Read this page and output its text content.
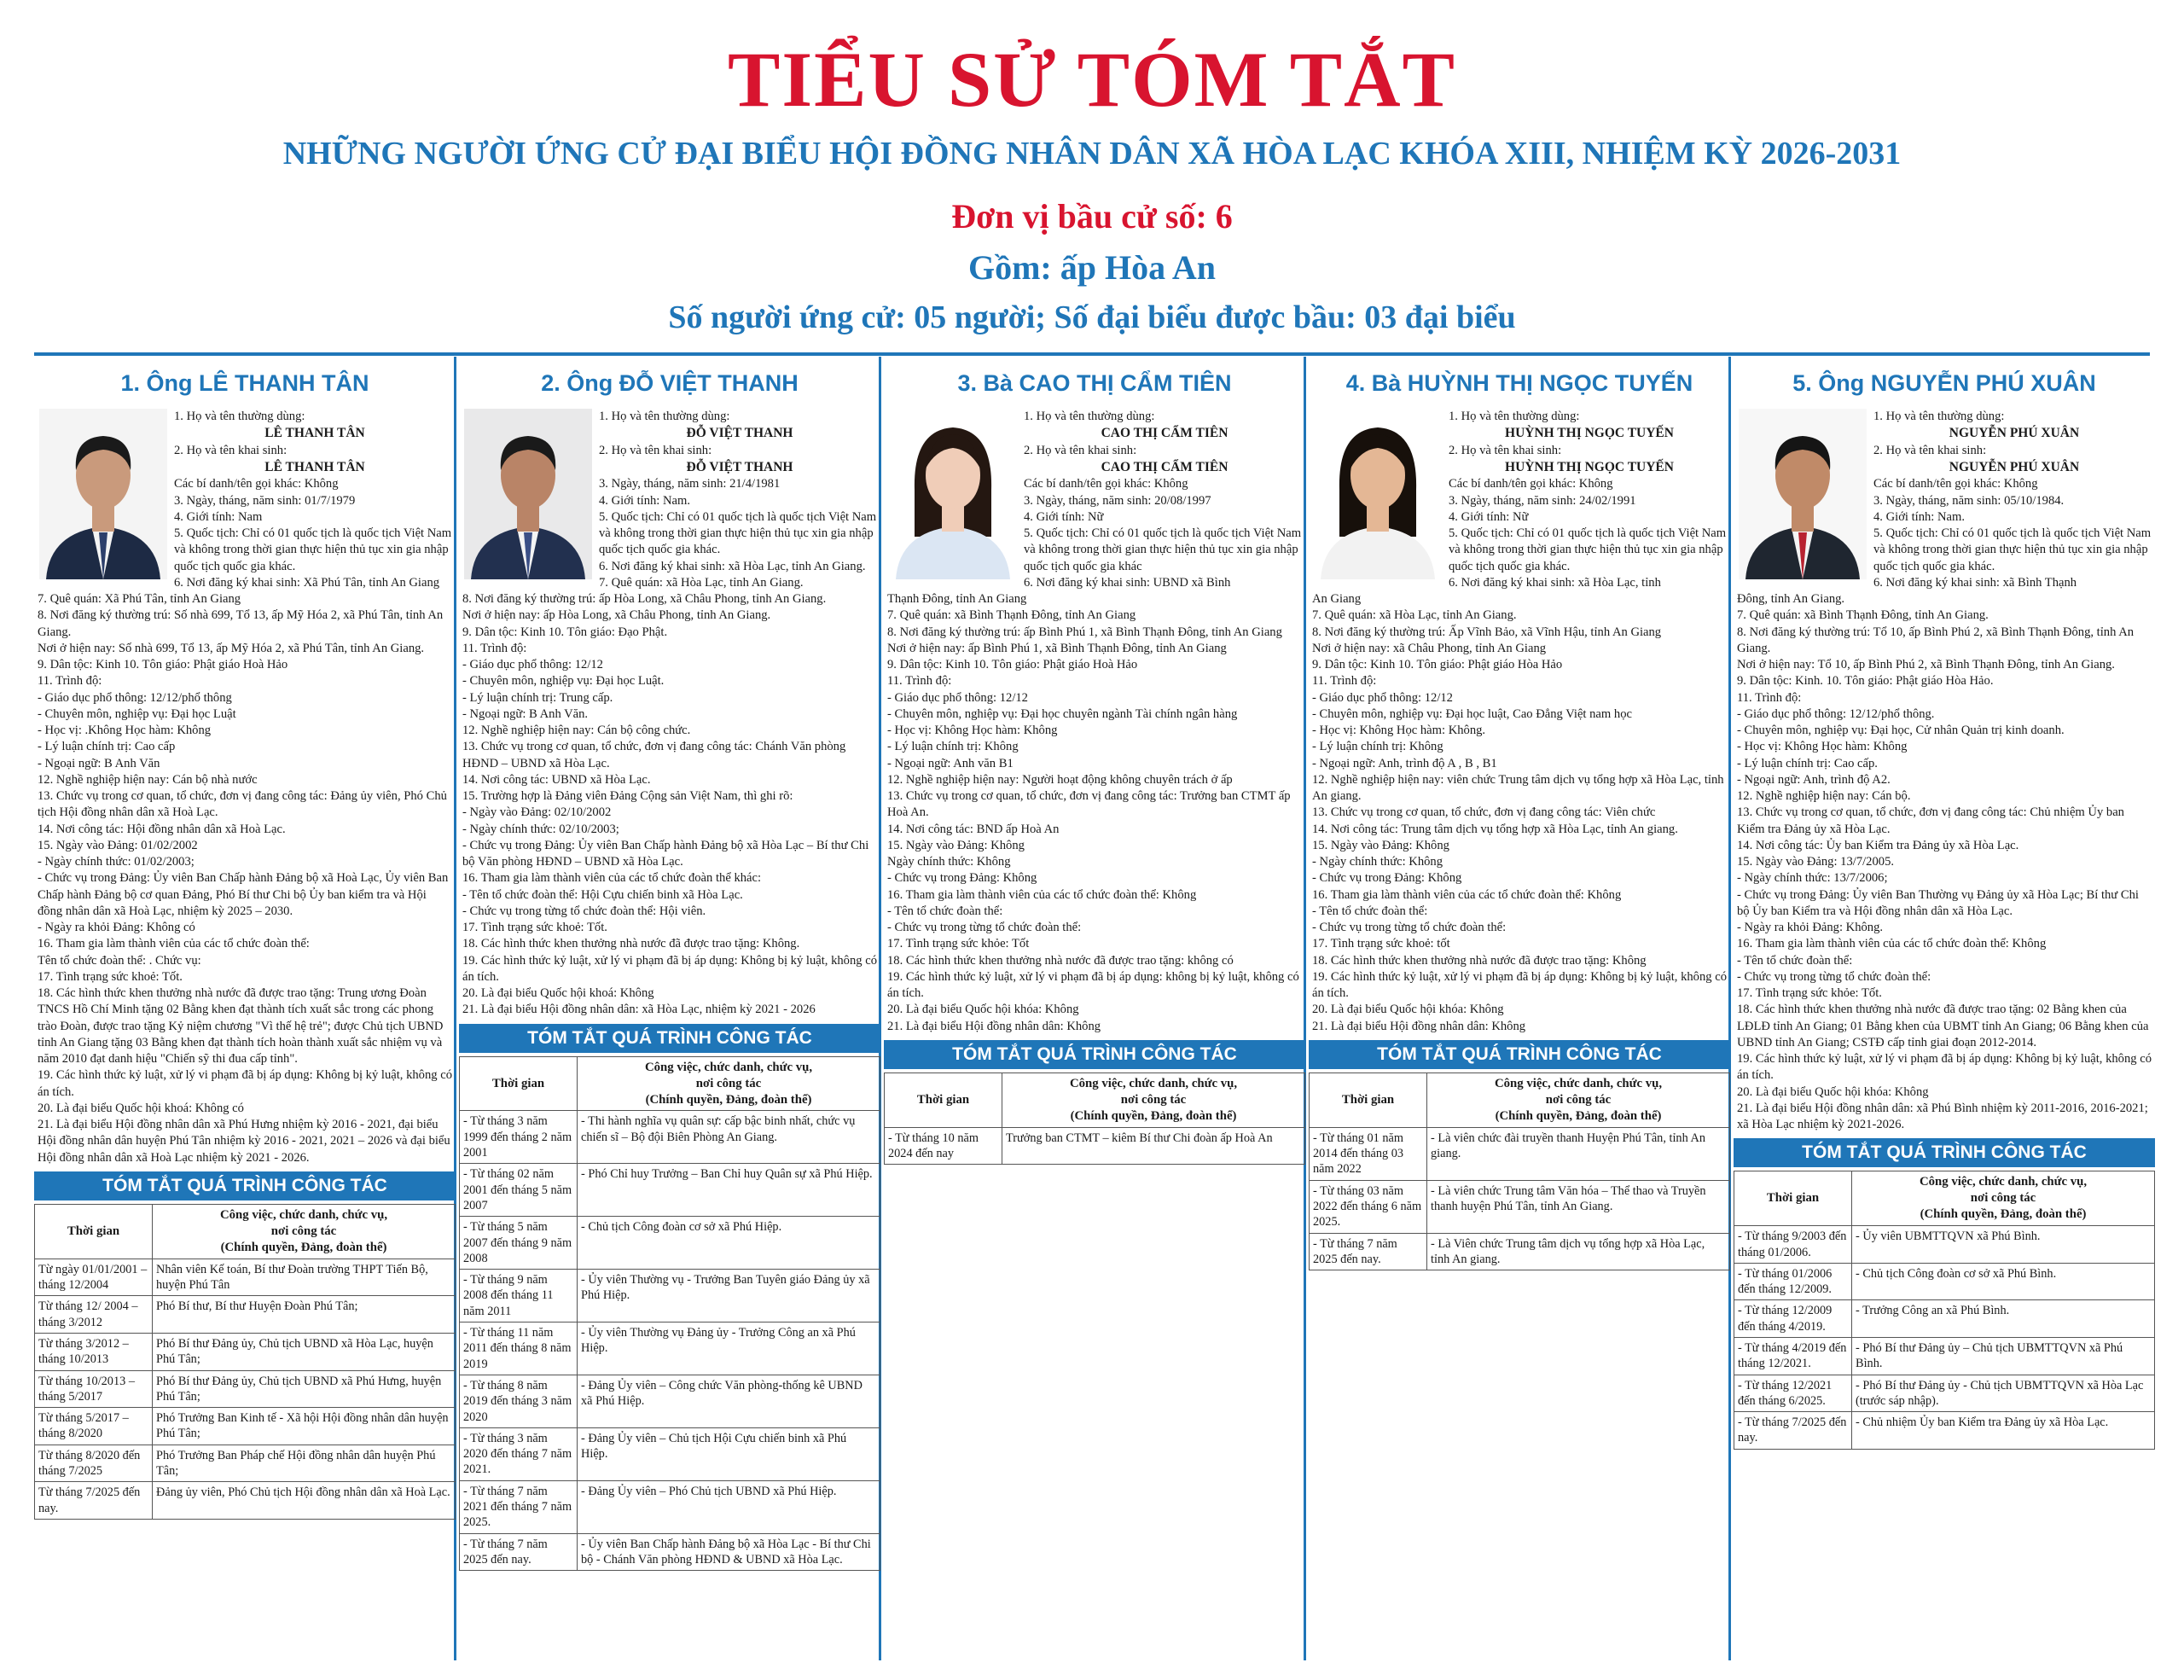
TIỂU SỬ TÓM TẮT
NHỮNG NGƯỜI ỨNG CỬ ĐẠI BIỂU HỘI ĐỒNG NHÂN DÂN XÃ HÒA LẠC KHÓA XIII, NHIỆM KỲ 2026-2031
Đơn vị bầu cử số: 6
Gồm: ấp Hòa An
Số người ứng cử: 05 người; Số đại biểu được bầu: 03 đại biểu
1. Ông LÊ THANH TÂN
1. Họ và tên thường dùng:
LÊ THANH TÂN
2. Họ và tên khai sinh:
LÊ THANH TÂN
Các bí danh/tên gọi khác: Không
3. Ngày, tháng, năm sinh: 01/7/1979
4. Giới tính: Nam
5. Quốc tịch: Chỉ có 01 quốc tịch là quốc tịch Việt Nam và không trong thời gian thực hiện thủ tục xin gia nhập quốc tịch quốc gia khác.
6. Nơi đăng ký khai sinh: Xã Phú Tân, tỉnh An Giang
7. Quê quán: Xã Phú Tân, tỉnh An Giang
8. Nơi đăng ký thường trú: Số nhà 699, Tổ 13, ấp Mỹ Hóa 2, xã Phú Tân, tỉnh An Giang.
Nơi ở hiện nay: Số nhà 699, Tổ 13, ấp Mỹ Hóa 2, xã Phú Tân, tỉnh An Giang.
9. Dân tộc: Kinh 10. Tôn giáo: Phật giáo Hoà Hảo
11. Trình độ:
- Giáo dục phổ thông: 12/12/phổ thông
- Chuyên môn, nghiệp vụ: Đại học Luật
- Học vị: .Không Học hàm: Không
- Lý luận chính trị: Cao cấp
- Ngoại ngữ: B Anh Văn
12. Nghề nghiệp hiện nay: Cán bộ nhà nước
13. Chức vụ trong cơ quan, tổ chức, đơn vị đang công tác: Đảng ủy viên, Phó Chủ tịch Hội đồng nhân dân xã Hoà Lạc.
14. Nơi công tác: Hội đồng nhân dân xã Hoà Lạc.
15. Ngày vào Đảng: 01/02/2002
- Ngày chính thức: 01/02/2003;
- Chức vụ trong Đảng: Ủy viên Ban Chấp hành Đảng bộ xã Hoà Lạc, Ủy viên Ban Chấp hành Đảng bộ cơ quan Đảng, Phó Bí thư Chi bộ Ủy ban kiểm tra và Hội đồng nhân dân xã Hoà Lạc, nhiệm kỳ 2025 – 2030.
- Ngày ra khỏi Đảng: Không có
16. Tham gia làm thành viên của các tổ chức đoàn thể:
Tên tổ chức đoàn thể: . Chức vụ:
17. Tình trạng sức khoẻ: Tốt.
18. Các hình thức khen thưởng nhà nước đã được trao tặng: Trung ương Đoàn TNCS Hồ Chí Minh tặng 02 Bằng khen đạt thành tích xuất sắc trong các phong trào Đoàn, được trao tặng Kỷ niệm chương "Vì thế hệ trẻ"; được Chủ tịch UBND tỉnh An Giang tặng 03 Bằng khen đạt thành tích hoàn thành xuất sắc nhiệm vụ và năm 2010 đạt danh hiệu "Chiến sỹ thi đua cấp tỉnh".
19. Các hình thức kỷ luật, xử lý vi phạm đã bị áp dụng: Không bị kỷ luật, không có án tích.
20. Là đại biểu Quốc hội khoá: Không có
21. Là đại biểu Hội đồng nhân dân xã Phú Hưng nhiệm kỳ 2016 - 2021, đại biểu Hội đồng nhân dân huyện Phú Tân nhiệm kỳ 2016 - 2021, 2021 – 2026 và đại biểu Hội đồng nhân dân xã Hoà Lạc nhiệm kỳ 2021 - 2026.
TÓM TẮT QUÁ TRÌNH CÔNG TÁC
Thời gian	Công việc, chức danh, chức vụ,
nơi công tác
(Chính quyền, Đảng, đoàn thể)

Từ ngày 01/01/2001 – tháng 12/2004	Nhân viên Kế toán, Bí thư Đoàn trường THPT Tiến Bộ, huyện Phú Tân
Từ tháng 12/ 2004 – tháng 3/2012	Phó Bí thư, Bí thư Huyện Đoàn Phú Tân;
Từ tháng 3/2012 – tháng 10/2013	Phó Bí thư Đảng ủy, Chủ tịch UBND xã Hòa Lạc, huyện Phú Tân;
Từ tháng 10/2013 – tháng 5/2017	Phó Bí thư Đảng ủy, Chủ tịch UBND xã Phú Hưng, huyện Phú Tân;
Từ tháng 5/2017 – tháng 8/2020	Phó Trưởng Ban Kinh tế - Xã hội Hội đồng nhân dân huyện Phú Tân;
Từ tháng 8/2020 đến tháng 7/2025	Phó Trưởng Ban Pháp chế Hội đồng nhân dân huyện Phú Tân;
Từ tháng 7/2025 đến nay.	Đảng ủy viên, Phó Chủ tịch Hội đồng nhân dân xã Hoà Lạc.
2. Ông ĐỖ VIỆT THANH
1. Họ và tên thường dùng:
ĐỖ VIỆT THANH
2. Họ và tên khai sinh:
ĐỖ VIỆT THANH
3. Ngày, tháng, năm sinh: 21/4/1981
4. Giới tính: Nam.
5. Quốc tịch: Chỉ có 01 quốc tịch là quốc tịch Việt Nam và không trong thời gian thực hiện thủ tục xin gia nhập quốc tịch quốc gia khác.
6. Nơi đăng ký khai sinh: xã Hòa Lạc, tỉnh An Giang.
7. Quê quán: xã Hòa Lạc, tỉnh An Giang.
8. Nơi đăng ký thường trú: ấp Hòa Long, xã Châu Phong, tỉnh An Giang.
Nơi ở hiện nay: ấp Hòa Long, xã Châu Phong, tỉnh An Giang.
9. Dân tộc: Kinh 10. Tôn giáo: Đạo Phật.
11. Trình độ:
- Giáo dục phổ thông: 12/12
- Chuyên môn, nghiệp vụ: Đại học Luật.
- Lý luận chính trị: Trung cấp.
- Ngoại ngữ: B Anh Văn.
12. Nghề nghiệp hiện nay: Cán bộ công chức.
13. Chức vụ trong cơ quan, tổ chức, đơn vị đang công tác: Chánh Văn phòng HĐND – UBND xã Hòa Lạc.
14. Nơi công tác: UBND xã Hòa Lạc.
15. Trường hợp là Đảng viên Đảng Cộng sản Việt Nam, thì ghi rõ:
- Ngày vào Đảng: 02/10/2002
- Ngày chính thức: 02/10/2003;
- Chức vụ trong Đảng: Ủy viên Ban Chấp hành Đảng bộ xã Hòa Lạc – Bí thư Chi bộ Văn phòng HĐND – UBND xã Hòa Lạc.
16. Tham gia làm thành viên của các tổ chức đoàn thể khác:
- Tên tổ chức đoàn thể: Hội Cựu chiến binh xã Hòa Lạc.
- Chức vụ trong từng tổ chức đoàn thể: Hội viên.
17. Tình trạng sức khoẻ: Tốt.
18. Các hình thức khen thưởng nhà nước đã được trao tặng: Không.
19. Các hình thức kỷ luật, xử lý vi phạm đã bị áp dụng: Không bị kỷ luật, không có án tích.
20. Là đại biểu Quốc hội khoá: Không
21. Là đại biểu Hội đồng nhân dân: xã Hòa Lạc, nhiệm kỳ 2021 - 2026
TÓM TẮT QUÁ TRÌNH CÔNG TÁC
Thời gian	Công việc, chức danh, chức vụ,
nơi công tác
(Chính quyền, Đảng, đoàn thể)

- Từ tháng 3 năm 1999 đến tháng 2 năm 2001	- Thi hành nghĩa vụ quân sự: cấp bậc binh nhất, chức vụ chiến sĩ – Bộ đội Biên Phòng An Giang.
- Từ tháng 02 năm 2001 đến tháng 5 năm 2007	- Phó Chỉ huy Trưởng – Ban Chỉ huy Quân sự xã Phú Hiệp.
- Từ tháng 5 năm 2007 đến tháng 9 năm 2008	- Chủ tịch Công đoàn cơ sở xã Phú Hiệp.
- Từ tháng 9 năm 2008 đến tháng 11 năm 2011	- Ủy viên Thường vụ - Trưởng Ban Tuyên giáo Đảng ủy xã Phú Hiệp.
- Từ tháng 11 năm 2011 đến tháng 8 năm 2019	- Ủy viên Thường vụ Đảng ủy - Trưởng Công an xã Phú Hiệp.
- Từ tháng 8 năm 2019 đến tháng 3 năm 2020	- Đảng Ủy viên – Công chức Văn phòng-thống kê UBND xã Phú Hiệp.
- Từ tháng 3 năm 2020 đến tháng 7 năm 2021.	- Đảng Ủy viên – Chủ tịch Hội Cựu chiến binh xã Phú Hiệp.
- Từ tháng 7 năm 2021 đến tháng 7 năm 2025.	- Đảng Ủy viên – Phó Chủ tịch UBND xã Phú Hiệp.
- Từ tháng 7 năm 2025 đến nay.	- Ủy viên Ban Chấp hành Đảng bộ xã Hòa Lạc - Bí thư Chi bộ - Chánh Văn phòng HĐND & UBND xã Hòa Lạc.
3. Bà CAO THỊ CẨM TIÊN
1. Họ và tên thường dùng:
CAO THỊ CẨM TIÊN
2. Họ và tên khai sinh:
CAO THỊ CẨM TIÊN
Các bí danh/tên gọi khác: Không
3. Ngày, tháng, năm sinh: 20/08/1997
4. Giới tính: Nữ
5. Quốc tịch: Chỉ có 01 quốc tịch là quốc tịch Việt Nam và không trong thời gian thực hiện thủ tục xin gia nhập quốc tịch quốc gia khác
6. Nơi đăng ký khai sinh: UBND xã Bình
Thạnh Đông, tỉnh An Giang
7. Quê quán: xã Bình Thạnh Đông, tỉnh An Giang
8. Nơi đăng ký thường trú: ấp Bình Phú 1, xã Bình Thạnh Đông, tỉnh An Giang
Nơi ở hiện nay: ấp Bình Phú 1, xã Bình Thạnh Đông, tỉnh An Giang
9. Dân tộc: Kinh 10. Tôn giáo: Phật giáo Hoà Hảo
11. Trình độ:
- Giáo dục phổ thông: 12/12
- Chuyên môn, nghiệp vụ: Đại học chuyên ngành Tài chính ngân hàng
- Học vị: Không Học hàm: Không
- Lý luận chính trị: Không
- Ngoại ngữ: Anh văn B1
12. Nghề nghiệp hiện nay: Người hoạt động không chuyên trách ở ấp
13. Chức vụ trong cơ quan, tổ chức, đơn vị đang công tác: Trưởng ban CTMT ấp Hoà An.
14. Nơi công tác: BND ấp Hoà An
15. Ngày vào Đảng: Không
Ngày chính thức: Không
- Chức vụ trong Đảng: Không
16. Tham gia làm thành viên của các tổ chức đoàn thể: Không
- Tên tổ chức đoàn thể:
- Chức vụ trong từng tổ chức đoàn thể:
17. Tình trạng sức khỏe: Tốt
18. Các hình thức khen thưởng nhà nước đã được trao tặng: không có
19. Các hình thức kỷ luật, xử lý vi phạm đã bị áp dụng: không bị kỷ luật, không có án tích.
20. Là đại biểu Quốc hội khóa: Không
21. Là đại biểu Hội đồng nhân dân: Không
TÓM TẮT QUÁ TRÌNH CÔNG TÁC
Thời gian	Công việc, chức danh, chức vụ,
nơi công tác
(Chính quyền, Đảng, đoàn thể)

- Từ tháng 10 năm 2024 đến nay	Trưởng ban CTMT – kiêm Bí thư Chi đoàn ấp Hoà An
4. Bà HUỲNH THỊ NGỌC TUYẾN
1. Họ và tên thường dùng:
HUỲNH THỊ NGỌC TUYẾN
2. Họ và tên khai sinh:
HUỲNH THỊ NGỌC TUYẾN
Các bí danh/tên gọi khác: Không
3. Ngày, tháng, năm sinh: 24/02/1991
4. Giới tính: Nữ
5. Quốc tịch: Chỉ có 01 quốc tịch là quốc tịch Việt Nam và không trong thời gian thực hiện thủ tục xin gia nhập quốc tịch quốc gia khác.
6. Nơi đăng ký khai sinh: xã Hòa Lạc, tỉnh
An Giang
7. Quê quán: xã Hòa Lạc, tỉnh An Giang.
8. Nơi đăng ký thường trú: Ấp Vĩnh Bảo, xã Vĩnh Hậu, tỉnh An Giang
Nơi ở hiện nay: xã Châu Phong, tỉnh An Giang
9. Dân tộc: Kinh 10. Tôn giáo: Phật giáo Hòa Hảo
11. Trình độ:
- Giáo dục phổ thông: 12/12
- Chuyên môn, nghiệp vụ: Đại học luật, Cao Đẳng Việt nam học
- Học vị: Không Học hàm: Không.
- Lý luận chính trị: Không
- Ngoại ngữ: Anh, trình độ A , B , B1
12. Nghề nghiệp hiện nay: viên chức Trung tâm dịch vụ tổng hợp xã Hòa Lạc, tỉnh An giang.
13. Chức vụ trong cơ quan, tổ chức, đơn vị đang công tác: Viên chức
14. Nơi công tác: Trung tâm dịch vụ tổng hợp xã Hòa Lạc, tỉnh An giang.
15. Ngày vào Đảng: Không
- Ngày chính thức: Không
- Chức vụ trong Đảng: Không
16. Tham gia làm thành viên của các tổ chức đoàn thể: Không
- Tên tổ chức đoàn thể:
- Chức vụ trong từng tổ chức đoàn thể:
17. Tình trạng sức khoẻ: tốt
18. Các hình thức khen thưởng nhà nước đã được trao tặng: Không
19. Các hình thức kỷ luật, xử lý vi phạm đã bị áp dụng: Không bị kỷ luật, không có án tích.
20. Là đại biểu Quốc hội khóa: Không
21. Là đại biểu Hội đồng nhân dân: Không
TÓM TẮT QUÁ TRÌNH CÔNG TÁC
Thời gian	Công việc, chức danh, chức vụ,
nơi công tác
(Chính quyền, Đảng, đoàn thể)

- Từ tháng 01 năm 2014 đến tháng 03 năm 2022	- Là viên chức đài truyền thanh Huyện Phú Tân, tỉnh An giang.
- Từ tháng 03 năm 2022 đến tháng 6 năm 2025.	- Là viên chức Trung tâm Văn hóa – Thể thao và Truyền thanh huyện Phú Tân, tỉnh An Giang.
- Từ tháng 7 năm 2025 đến nay.	- Là Viên chức Trung tâm dịch vụ tổng hợp xã Hòa Lạc, tỉnh An giang.
5. Ông NGUYỄN PHÚ XUÂN
1. Họ và tên thường dùng:
NGUYỄN PHÚ XUÂN
2. Họ và tên khai sinh:
NGUYỄN PHÚ XUÂN
Các bí danh/tên gọi khác: Không
3. Ngày, tháng, năm sinh: 05/10/1984.
4. Giới tính: Nam.
5. Quốc tịch: Chỉ có 01 quốc tịch là quốc tịch Việt Nam và không trong thời gian thực hiện thủ tục xin gia nhập quốc tịch quốc gia khác.
6. Nơi đăng ký khai sinh: xã Bình Thạnh
Đông, tỉnh An Giang.
7. Quê quán: xã Bình Thạnh Đông, tỉnh An Giang.
8. Nơi đăng ký thường trú: Tổ 10, ấp Bình Phú 2, xã Bình Thạnh Đông, tỉnh An Giang.
Nơi ở hiện nay: Tổ 10, ấp Bình Phú 2, xã Bình Thạnh Đông, tỉnh An Giang.
9. Dân tộc: Kinh. 10. Tôn giáo: Phật giáo Hòa Hảo.
11. Trình độ:
- Giáo dục phổ thông: 12/12/phổ thông.
- Chuyên môn, nghiệp vụ: Đại học, Cử nhân Quản trị kinh doanh.
- Học vị: Không Học hàm: Không
- Lý luận chính trị: Cao cấp.
- Ngoại ngữ: Anh, trình độ A2.
12. Nghề nghiệp hiện nay: Cán bộ.
13. Chức vụ trong cơ quan, tổ chức, đơn vị đang công tác: Chủ nhiệm Ủy ban Kiểm tra Đảng ủy xã Hòa Lạc.
14. Nơi công tác: Ủy ban Kiểm tra Đảng ủy xã Hòa Lạc.
15. Ngày vào Đảng: 13/7/2005.
- Ngày chính thức: 13/7/2006;
- Chức vụ trong Đảng: Ủy viên Ban Thường vụ Đảng ủy xã Hòa Lạc; Bí thư Chi bộ Ủy ban Kiểm tra và Hội đồng nhân dân xã Hòa Lạc.
- Ngày ra khỏi Đảng: Không.
16. Tham gia làm thành viên của các tổ chức đoàn thể: Không
- Tên tổ chức đoàn thể:
- Chức vụ trong từng tổ chức đoàn thể:
17. Tình trạng sức khỏe: Tốt.
18. Các hình thức khen thưởng nhà nước đã được trao tặng: 02 Bằng khen của LĐLĐ tỉnh An Giang; 01 Bằng khen của UBMT tỉnh An Giang; 06 Bằng khen của UBND tỉnh An Giang; CSTĐ cấp tỉnh giai đoạn 2012-2014.
19. Các hình thức kỷ luật, xử lý vi phạm đã bị áp dụng: Không bị kỷ luật, không có án tích.
20. Là đại biểu Quốc hội khóa: Không
21. Là đại biểu Hội đồng nhân dân: xã Phú Bình nhiệm kỳ 2011-2016, 2016-2021; xã Hòa Lạc nhiệm kỳ 2021-2026.
TÓM TẮT QUÁ TRÌNH CÔNG TÁC
Thời gian	Công việc, chức danh, chức vụ,
nơi công tác
(Chính quyền, Đảng, đoàn thể)

- Từ tháng 9/2003 đến tháng 01/2006.	- Ủy viên UBMTTQVN xã Phú Bình.
- Từ tháng 01/2006 đến tháng 12/2009.	- Chủ tịch Công đoàn cơ sở xã Phú Bình.
- Từ tháng 12/2009 đến tháng 4/2019.	- Trưởng Công an xã Phú Bình.
- Từ tháng 4/2019 đến tháng 12/2021.	- Phó Bí thư Đảng ủy – Chủ tịch UBMTTQVN xã Phú Bình.
- Từ tháng 12/2021 đến tháng 6/2025.	- Phó Bí thư Đảng ủy - Chủ tịch UBMTTQVN xã Hòa Lạc (trước sáp nhập).
- Từ tháng 7/2025 đến nay.	- Chủ nhiệm Ủy ban Kiểm tra Đảng ủy xã Hòa Lạc.
